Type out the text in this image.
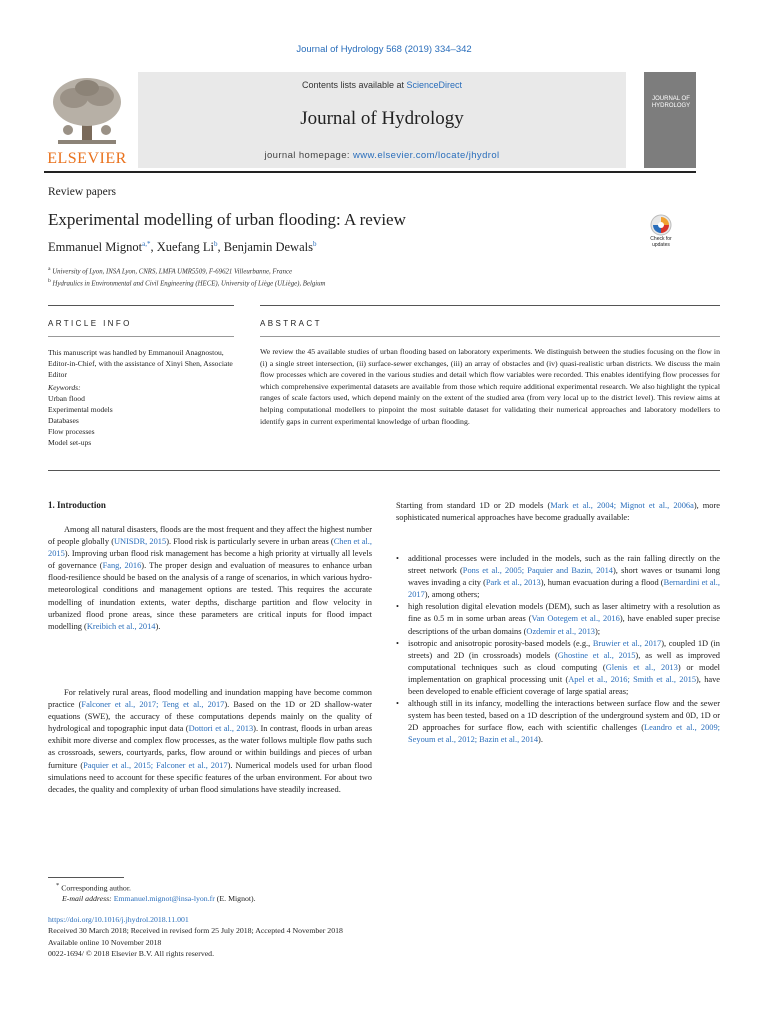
Journal of Hydrology 568 (2019) 334–342
ELSEVIER
Contents lists available at ScienceDirect
Journal of Hydrology
journal homepage: www.elsevier.com/locate/jhydrol
JOURNAL OF HYDROLOGY
Review papers
Experimental modelling of urban flooding: A review
Check for updates
Emmanuel Mignot$^{a,*}$, Xuefang Li$^b$, Benjamin Dewals$^b$
$^a$ University of Lyon, INSA Lyon, CNRS, LMFA UMR5509, F-69621 Villeurbanne, France
$^b$ Hydraulics in Environmental and Civil Engineering (HECE), University of Liège (ULiège), Belgium
ARTICLE INFO	ABSTRACT
This manuscript was handled by Emmanouil Anagnostou, Editor-in-Chief, with the assistance of Xinyi Shen, Associate Editor
Keywords:
Urban flood
Experimental models
Databases
Flow processes
Model set-ups
We review the 45 available studies of urban flooding based on laboratory experiments. We distinguish between the studies focusing on the flow in (i) a single street intersection, (ii) surface-sewer exchanges, (iii) an array of obstacles and (iv) quasi-realistic urban districts. We discuss the main flow processes which are covered in the various studies and detail which flow variables were recorded. This enables identifying flow processes for which comprehensive experimental datasets are available from those which require additional experimental research. We also highlight the typical ranges of scale factors used, which depend mainly on the extent of the studied area (from very local up to the district level). This review aims at helping computational modellers to pinpoint the most suitable dataset for validating their numerical approaches and laboratory modellers to identify gaps in current experimental knowledge of urban flooding.
1. Introduction
Among all natural disasters, floods are the most frequent and they affect the highest number of people globally (UNISDR, 2015). Flood risk is particularly severe in urban areas (Chen et al., 2015). Improving urban flood risk management has become a high priority at virtually all levels of governance (Fang, 2016). The proper design and evaluation of measures to enhance urban flood-resilience should be based on the analysis of a range of scenarios, in which various hydro-meteorological conditions and management options are tested. This requires the accurate modelling of inundation extents, water depths, discharge partition and flow velocity in urbanized flood prone areas, since these parameters are critical inputs for flood impact modelling (Kreibich et al., 2014).
For relatively rural areas, flood modelling and inundation mapping have become common practice (Falconer et al., 2017; Teng et al., 2017). Based on the 1D or 2D shallow-water equations (SWE), the accuracy of these computations depends mainly on the quality of hydrological and topographic input data (Dottori et al., 2013). In contrast, floods in urban areas exhibit more diverse and complex flow processes, as the water follows multiple flow paths such as crossroads, sewers, courtyards, parks, flow around or within buildings and pieces of urban furniture (Paquier et al., 2015; Falconer et al., 2017). Numerical models used for urban flood simulations need to account for these specific features of the urban environment. For about two decades, the quality and complexity of urban flood simulations have steadily increased.
Starting from standard 1D or 2D models (Mark et al., 2004; Mignot et al., 2006a), more sophisticated numerical approaches have become gradually available:
• additional processes were included in the models, such as the rain falling directly on the street network (Pons et al., 2005; Paquier and Bazin, 2014), short waves or tsunami long waves invading a city (Park et al., 2013), human evacuation during a flood (Bernardini et al., 2017), among others;
• high resolution digital elevation models (DEM), such as laser altimetry with a resolution as fine as 0.5 m in some urban areas (Van Ootegem et al., 2016), have enabled super precise descriptions of the urban domains (Ozdemir et al., 2013);
• isotropic and anisotropic porosity-based models (e.g., Bruwier et al., 2017), coupled 1D (in streets) and 2D (in crossroads) models (Ghostine et al., 2015), as well as improved computational techniques such as cloud computing (Glenis et al., 2013) or model implementation on graphical processing unit (Apel et al., 2016; Smith et al., 2015), have been developed to enable efficient coverage of large spatial areas;
• although still in its infancy, modelling the interactions between surface flow and the sewer system has been tested, based on a 1D description of the underground system and 0D, 1D or 2D approaches for surface flow, each with scientific challenges (Leandro et al., 2009; Seyoum et al., 2012; Bazin et al., 2014).
* Corresponding author.
E-mail address: Emmanuel.mignot@insa-lyon.fr (E. Mignot).
https://doi.org/10.1016/j.jhydrol.2018.11.001
Received 30 March 2018; Received in revised form 25 July 2018; Accepted 4 November 2018
Available online 10 November 2018
0022-1694/ © 2018 Elsevier B.V. All rights reserved.
